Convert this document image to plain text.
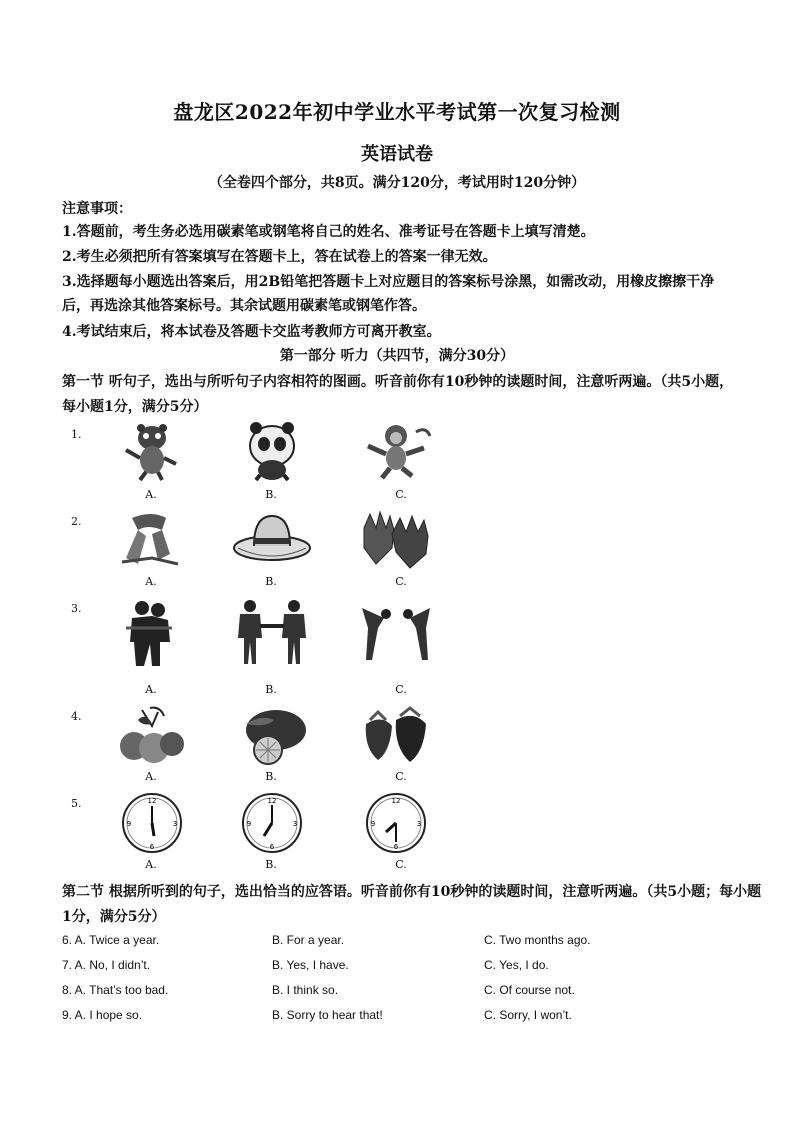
盘龙区2022年初中学业水平考试第一次复习检测
英语试卷
（全卷四个部分，共8页。满分120分，考试用时120分钟）
注意事项：
1.答题前，考生务必选用碳素笔或钢笔将自己的姓名、准考证号在答题卡上填写清楚。
2.考生必须把所有答案填写在答题卡上，答在试卷上的答案一律无效。
3.选择题每小题选出答案后，用2B铅笔把答题卡上对应题目的答案标号涂黑，如需改动，用橡皮擦擦干净后，再选涂其他答案标号。其余试题用碳素笔或钢笔作答。
4.考试结束后，将本试卷及答题卡交监考教师方可离开教室。
第一部分 听力（共四节，满分30分）
第一节 听句子，选出与所听句子内容相符的图画。听音前你有10秒钟的读题时间，注意听两遍。（共5小题，每小题1分，满分5分）
1.
A.	B.	C.
2.
A.	B.	C.
3.
A.	B.	C.
4.
A.	B.	C.
5.	12
3
6
9
12
3
6
9
12
3
6
9
A.	B.	C.
第二节 根据所听到的句子，选出恰当的应答语。听音前你有10秒钟的读题时间，注意听两遍。（共5小题；每小题1分，满分5分）
6. A. Twice a year.	B. For a year.	C. Two months ago.
7. A. No, I didn’t.	B. Yes, I have.	C. Yes, I do.
8. A. That’s too bad.	B. I think so.	C. Of course not.
9. A. I hope so.	B. Sorry to hear that!	C. Sorry, I won’t.
